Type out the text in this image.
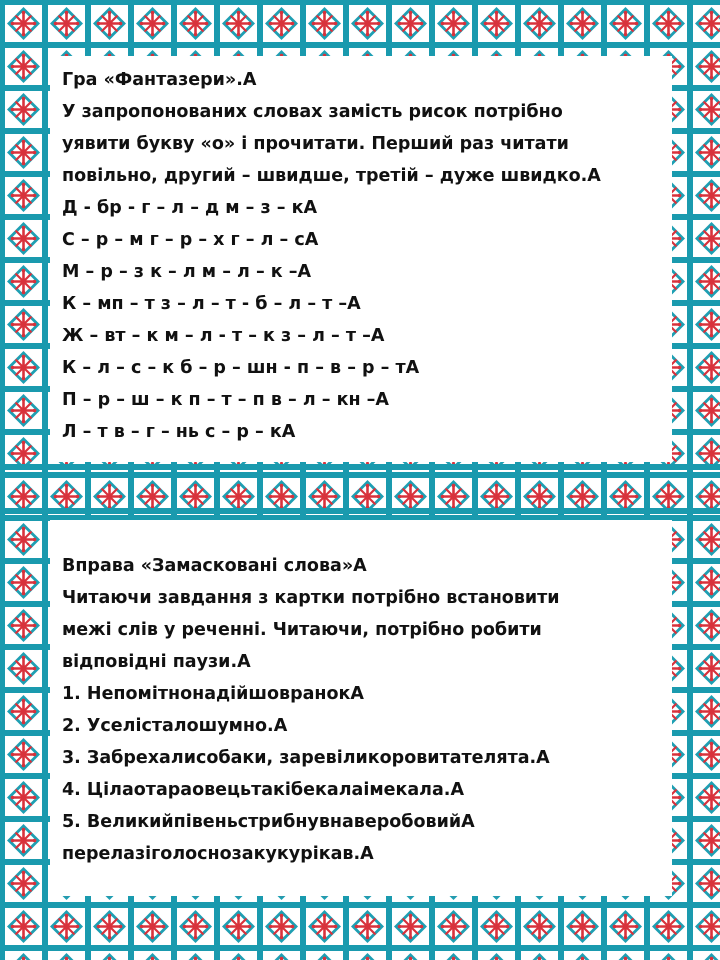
Гра «Фантазери».А
У запропонованих словах замість рисок потрібно
уявити букву «о» і прочитати. Перший раз читати
повільно, другий – швидше, третій – дуже швидко.А
Д - бр - г – л – д м – з – кА
С – р – м г – р – х г – л – сА
М – р – з к – л м – л – к –А
К – мп – т з – л – т - б – л – т –А
Ж – вт – к м – л - т – к з – л – т –А
К – л – с – к б – р – шн - п – в – р – тА
П – р – ш – к п – т – п в – л – кн –А
Л – т в – г – нь с – р – кА
Вправа «Замасковані слова»А
Читаючи завдання з картки потрібно встановити
межі слів у реченні. Читаючи, потрібно робити
відповідні паузи.А
1. НепомітнонадійшовранокА
2. Уселісталошумно.А
3. Забрехалисобаки, заревіликоровитателята.А
4. Цілаотараовецьтакібекалаімекала.А
5. ВеликийпівеньстрибнувнаверобовийА
перелазіголоснозакукурікав.А
